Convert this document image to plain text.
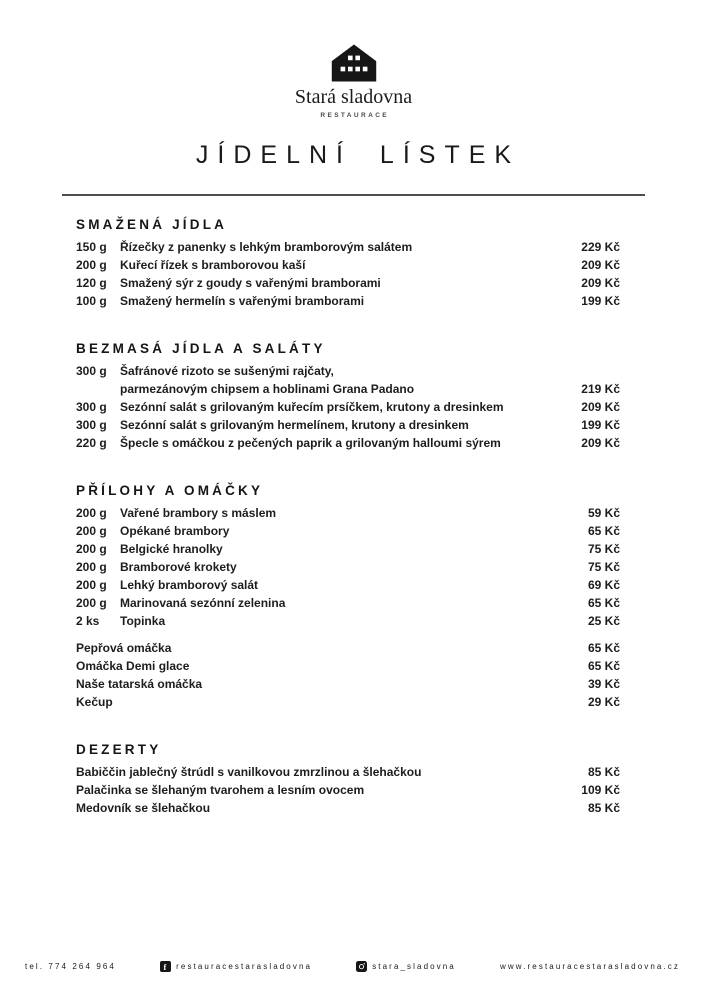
Stará sladovna
RESTAURACE
JÍDELNÍ LÍSTEK
SMAŽENÁ JÍDLA
150 g	Řízečky z panenky s lehkým bramborovým salátem	229 Kč
200 g	Kuřecí řízek s bramborovou kaší	209 Kč
120 g	Smažený sýr z goudy s vařenými bramborami	209 Kč
100 g	Smažený hermelín s vařenými bramborami	199 Kč
BEZMASÁ JÍDLA A SALÁTY
300 g	Šafránové rizoto se sušenými rajčaty,
parmezánovým chipsem a hoblinami Grana Padano	219 Kč
300 g	Sezónní salát s grilovaným kuřecím prsíčkem, krutony a dresinkem	209 Kč
300 g	Sezónní salát s grilovaným hermelínem, krutony a dresinkem	199 Kč
220 g	Špecle s omáčkou z pečených paprik a grilovaným halloumi sýrem	209 Kč
PŘÍLOHY A OMÁČKY
200 g	Vařené brambory s máslem	59 Kč
200 g	Opékané brambory	65 Kč
200 g	Belgické hranolky	75 Kč
200 g	Bramborové krokety	75 Kč
200 g	Lehký bramborový salát	69 Kč
200 g	Marinovaná sezónní zelenina	65 Kč
2 ks	Topinka	25 Kč
Pepřová omáčka	65 Kč
Omáčka Demi glace	65 Kč
Naše tatarská omáčka	39 Kč
Kečup	29 Kč
DEZERTY
Babiččin jablečný štrúdl s vanilkovou zmrzlinou a šlehačkou	85 Kč
Palačinka se šlehaným tvarohem a lesním ovocem	109 Kč
Medovník se šlehačkou	85 Kč
tel. 774 264 964	f restauracestarasladovna	stara_sladovna	www.restauracestarasladovna.cz
